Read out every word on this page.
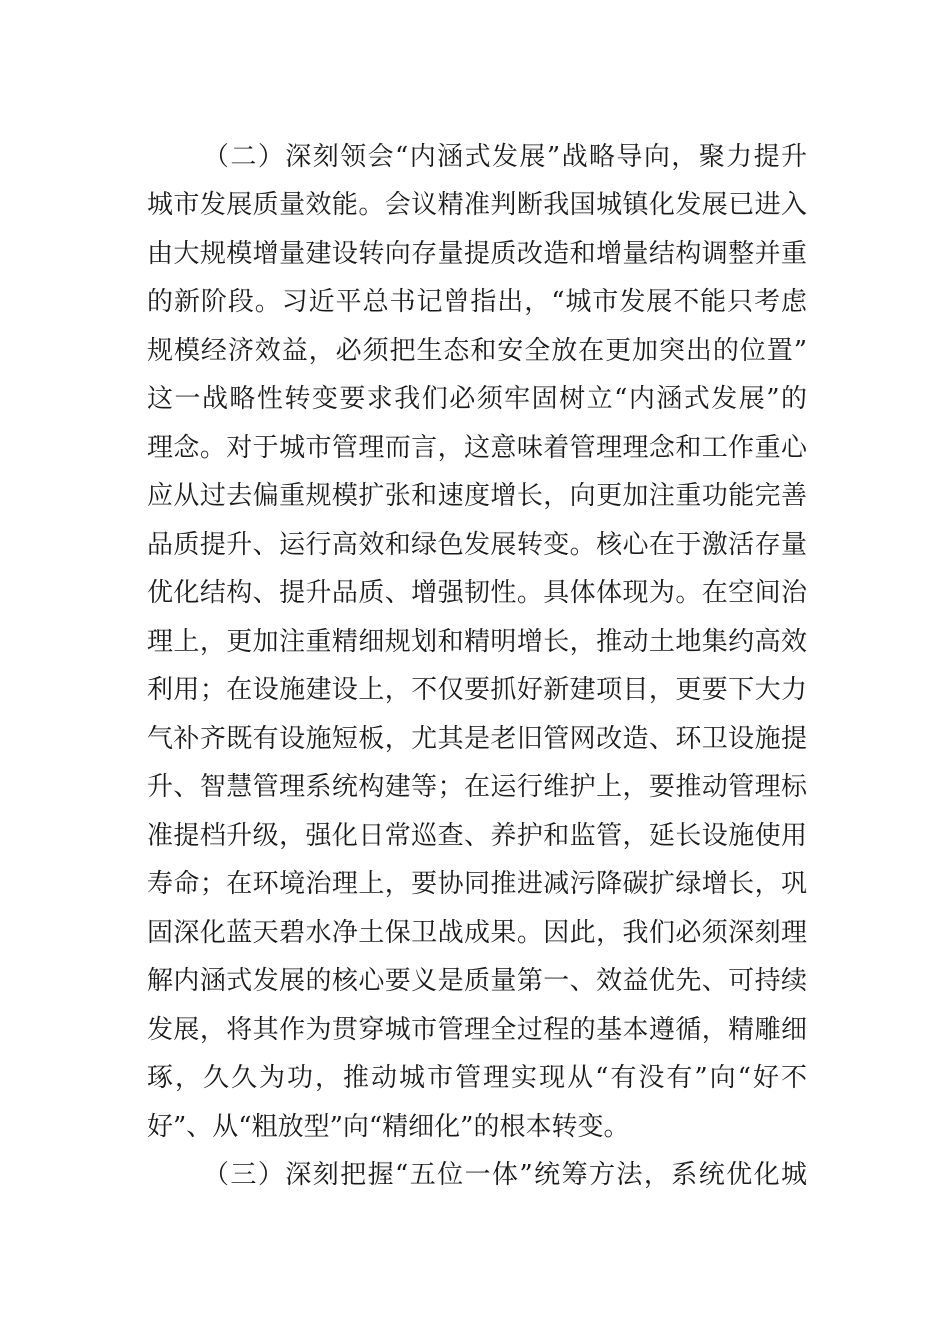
（二）深刻领会“内涵式发展”战略导向，聚力提升
城市发展质量效能。会议精准判断我国城镇化发展已进入
由大规模增量建设转向存量提质改造和增量结构调整并重
的新阶段。习近平总书记曾指出，“城市发展不能只考虑
规模经济效益，必须把生态和安全放在更加突出的位置”
这一战略性转变要求我们必须牢固树立“内涵式发展”的
理念。对于城市管理而言，这意味着管理理念和工作重心
应从过去偏重规模扩张和速度增长，向更加注重功能完善
品质提升、运行高效和绿色发展转变。核心在于激活存量
优化结构、提升品质、增强韧性。具体体现为。在空间治
理上，更加注重精细规划和精明增长，推动土地集约高效
利用；在设施建设上，不仅要抓好新建项目，更要下大力
气补齐既有设施短板，尤其是老旧管网改造、环卫设施提
升、智慧管理系统构建等；在运行维护上，要推动管理标
准提档升级，强化日常巡查、养护和监管，延长设施使用
寿命；在环境治理上，要协同推进减污降碳扩绿增长，巩
固深化蓝天碧水净土保卫战成果。因此，我们必须深刻理
解内涵式发展的核心要义是质量第一、效益优先、可持续
发展，将其作为贯穿城市管理全过程的基本遵循，精雕细
琢，久久为功，推动城市管理实现从“有没有”向“好不
好”、从“粗放型”向“精细化”的根本转变。
（三）深刻把握“五位一体”统筹方法，系统优化城
